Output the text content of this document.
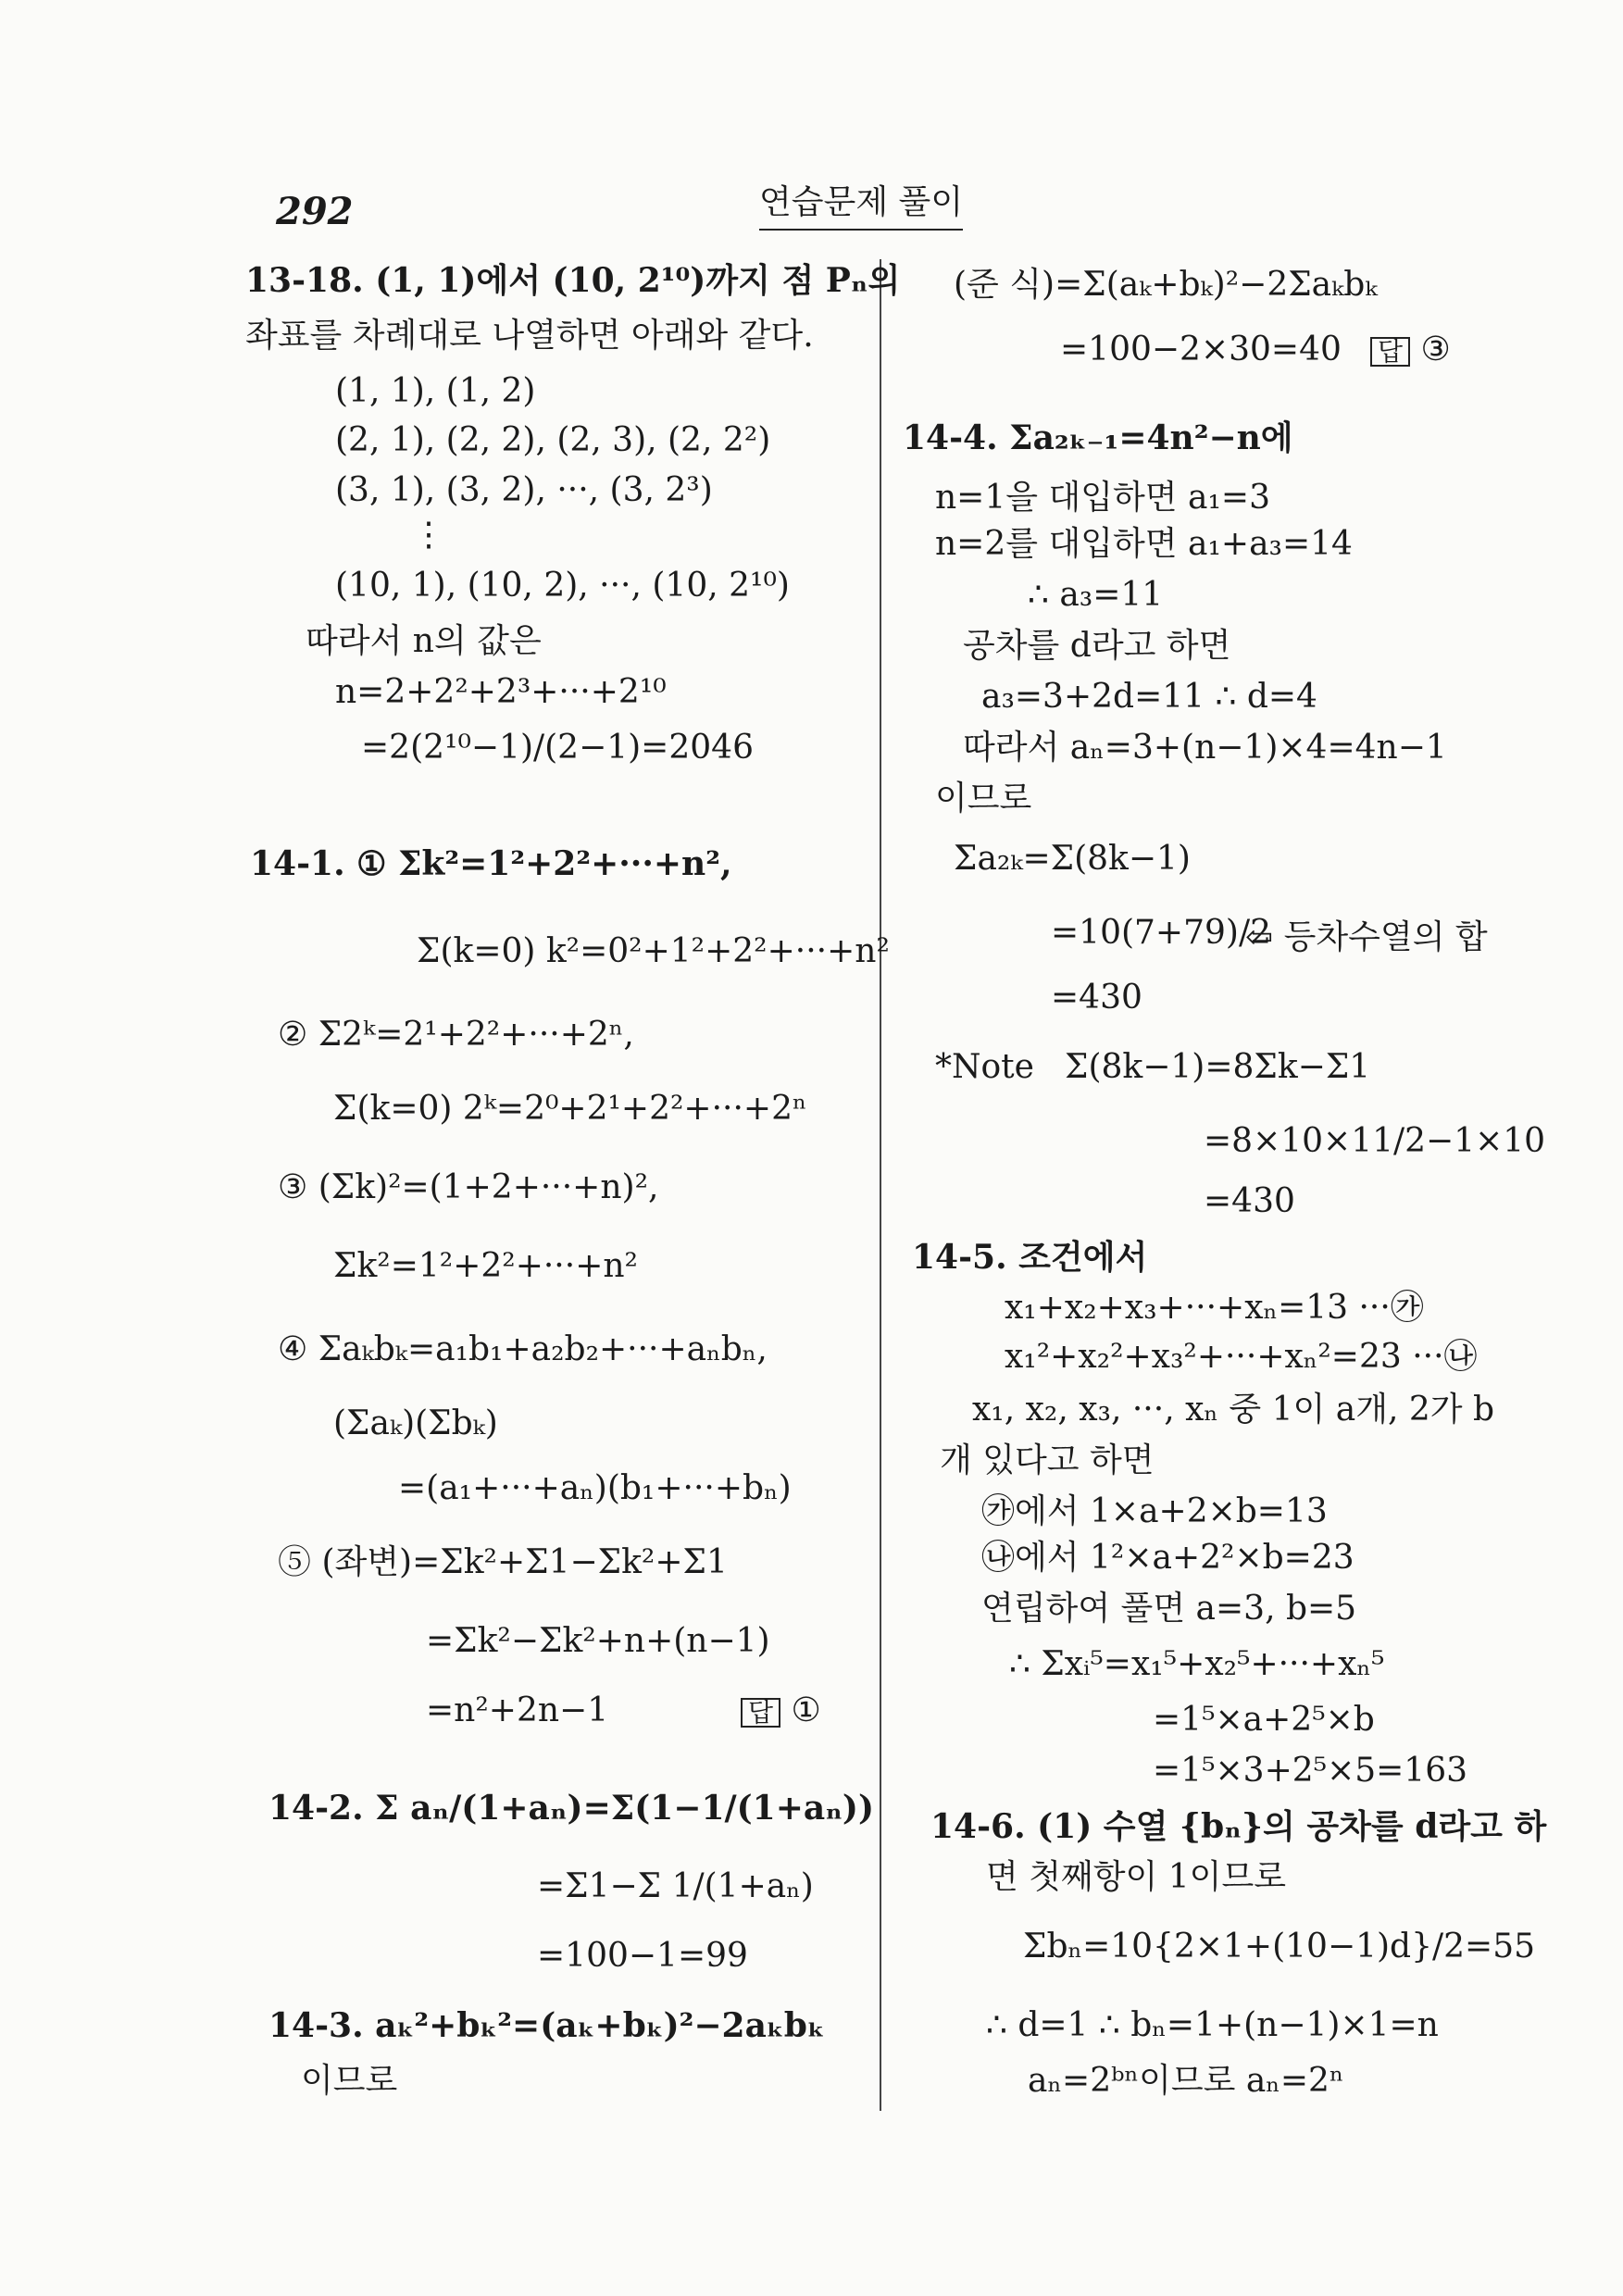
292	연습문제 풀이
13-18. (1, 1)에서 (10, 2¹⁰)까지 점 Pₙ의
좌표를 차례대로 나열하면 아래와 같다.
(1, 1), (1, 2)
(2, 1), (2, 2), (2, 3), (2, 2²)
(3, 1), (3, 2), ···, (3, 2³)
⋮
(10, 1), (10, 2), ···, (10, 2¹⁰)
따라서 n의 값은
n=2+2²+2³+···+2¹⁰
=2(2¹⁰−1)/(2−1)=2046
14-1. ① Σk²=1²+2²+···+n²,
Σ(k=0) k²=0²+1²+2²+···+n²
② Σ2ᵏ=2¹+2²+···+2ⁿ,
Σ(k=0) 2ᵏ=2⁰+2¹+2²+···+2ⁿ
③ (Σk)²=(1+2+···+n)²,
Σk²=1²+2²+···+n²
④ Σaₖbₖ=a₁b₁+a₂b₂+···+aₙbₙ,
(Σaₖ)(Σbₖ)
=(a₁+···+aₙ)(b₁+···+bₙ)
⑤ (좌변)=Σk²+Σ1−Σk²+Σ1
=Σk²−Σk²+n+(n−1)
=n²+2n−1
14-2. Σ aₙ/(1+aₙ)=Σ(1−1/(1+aₙ))
=Σ1−Σ 1/(1+aₙ)
=100−1=99
14-3. aₖ²+bₖ²=(aₖ+bₖ)²−2aₖbₖ
이므로
(준 식)=Σ(aₖ+bₖ)²−2Σaₖbₖ
=100−2×30=40
14-4. Σa₂ₖ₋₁=4n²−n에
n=1을 대입하면 a₁=3
n=2를 대입하면 a₁+a₃=14
∴ a₃=11
공차를 d라고 하면
a₃=3+2d=11 ∴ d=4
따라서 aₙ=3+(n−1)×4=4n−1
이므로
Σa₂ₖ=Σ(8k−1)
=10(7+79)/2
⇦ 등차수열의 합
=430
*Note Σ(8k−1)=8Σk−Σ1
=8×10×11/2−1×10
=430
14-5. 조건에서
x₁+x₂+x₃+···+xₙ=13 ···㉮
x₁²+x₂²+x₃²+···+xₙ²=23 ···㉯
x₁, x₂, x₃, ···, xₙ 중 1이 a개, 2가 b
개 있다고 하면
㉮에서 1×a+2×b=13
㉯에서 1²×a+2²×b=23
연립하여 풀면 a=3, b=5
∴ Σxᵢ⁵=x₁⁵+x₂⁵+···+xₙ⁵
=1⁵×a+2⁵×b
=1⁵×3+2⁵×5=163
14-6. (1) 수열 {bₙ}의 공차를 d라고 하
면 첫째항이 1이므로
Σbₙ=10{2×1+(10−1)d}/2=55
∴ d=1 ∴ bₙ=1+(n−1)×1=n
aₙ=2ᵇⁿ이므로 aₙ=2ⁿ
답 ①
답 ③
